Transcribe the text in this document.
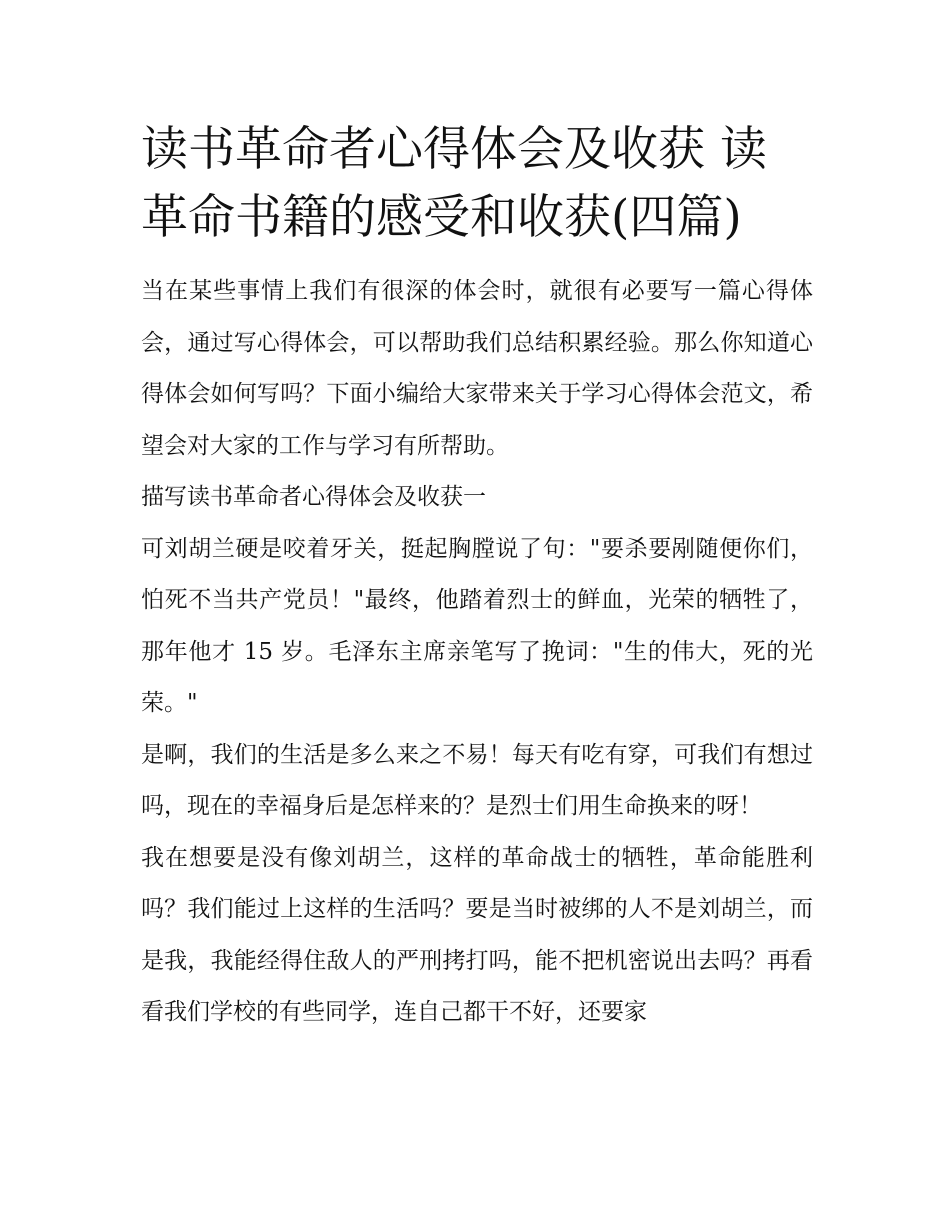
读书革命者心得体会及收获 读革命书籍的感受和收获(四篇)

当在某些事情上我们有很深的体会时，就很有必要写一篇心得体会，通过写心得体会，可以帮助我们总结积累经验。那么你知道心得体会如何写吗？下面小编给大家带来关于学习心得体会范文，希望会对大家的工作与学习有所帮助。

描写读书革命者心得体会及收获一

可刘胡兰硬是咬着牙关，挺起胸膛说了句："要杀要剐随便你们，怕死不当共产党员！"最终，他踏着烈士的鲜血，光荣的牺牲了，那年他才 15 岁。毛泽东主席亲笔写了挽词："生的伟大，死的光荣。"

是啊，我们的生活是多么来之不易！每天有吃有穿，可我们有想过吗，现在的幸福身后是怎样来的？是烈士们用生命换来的呀！

我在想要是没有像刘胡兰，这样的革命战士的牺牲，革命能胜利吗？我们能过上这样的生活吗？要是当时被绑的人不是刘胡兰，而是我，我能经得住敌人的严刑拷打吗，能不把机密说出去吗？再看看我们学校的有些同学，连自己都干不好，还要家
